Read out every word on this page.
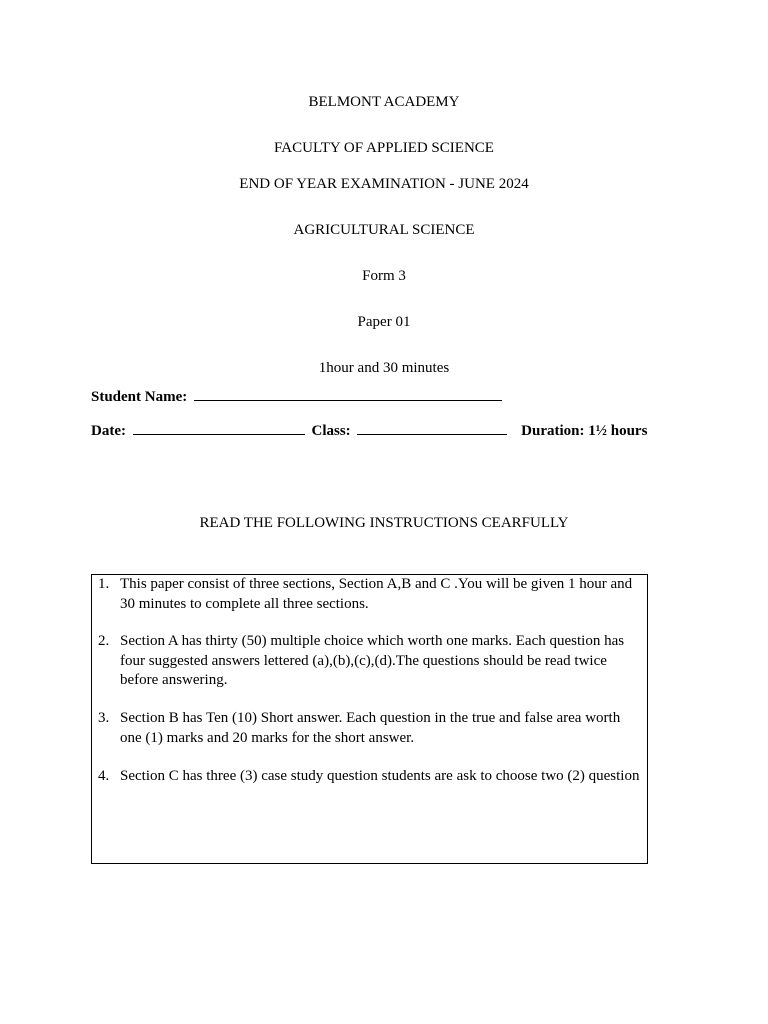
BELMONT ACADEMY
FACULTY OF APPLIED SCIENCE
END OF YEAR EXAMINATION - JUNE 2024
AGRICULTURAL SCIENCE
Form 3
Paper 01
1hour and 30 minutes
Student Name:
Date:	Class:	Duration: 1½ hours
READ THE FOLLOWING INSTRUCTIONS CEARFULLY
1. This paper consist of three sections, Section A,B and C .You will be given 1 hour and 30 minutes to complete all three sections.
2. Section A has thirty (50) multiple choice which worth one marks. Each question has four suggested answers lettered (a),(b),(c),(d).The questions should be read twice before answering.
3. Section B has Ten (10) Short answer. Each question in the true and false area worth one (1) marks and 20 marks for the short answer.
4. Section C has three (3) case study question students are ask to choose two (2) question
